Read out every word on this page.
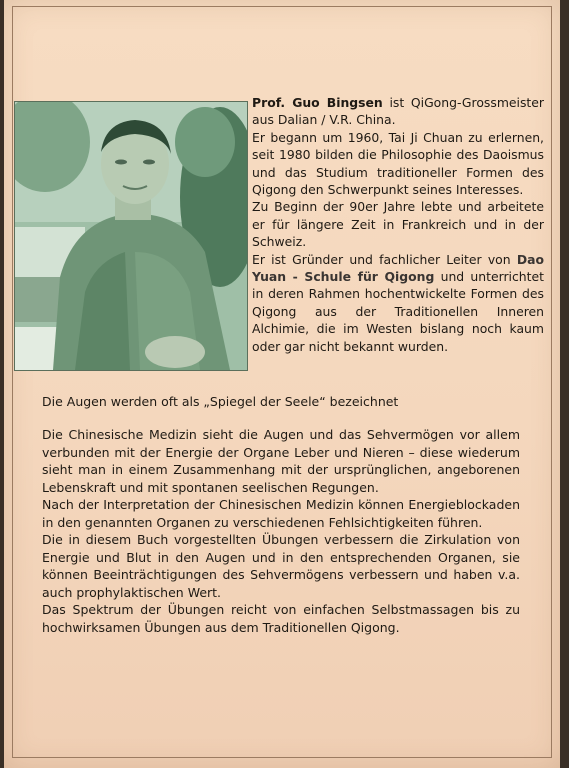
Prof. Guo Bingsen ist QiGong-Grossmeister aus Dalian / V.R. China.

Er begann um 1960, Tai Ji Chuan zu erlernen, seit 1980 bilden die Philosophie des Daoismus und das Studium traditioneller Formen des Qigong den Schwerpunkt seines Interesses.

Zu Beginn der 90er Jahre lebte und arbeitete er für längere Zeit in Frankreich und in der Schweiz.

Er ist Gründer und fachlicher Leiter von Dao Yuan - Schule für Qigong und unterrichtet in deren Rahmen hochentwickelte Formen des Qigong aus der Traditionellen Inneren Alchimie, die im Westen bislang noch kaum oder gar nicht bekannt wurden.

Die Augen werden oft als „Spiegel der Seele“ bezeichnet

Die Chinesische Medizin sieht die Augen und das Sehvermögen vor allem verbunden mit der Energie der Organe Leber und Nieren – diese wiederum sieht man in einem Zusammenhang mit der ursprünglichen, angeborenen Lebenskraft und mit spontanen seelischen Regungen.

Nach der Interpretation der Chinesischen Medizin können Energieblockaden in den genannten Organen zu verschiedenen Fehlsichtigkeiten führen.

Die in diesem Buch vorgestellten Übungen verbessern die Zirkulation von Energie und Blut in den Augen und in den entsprechenden Organen, sie können Beeinträchtigungen des Sehvermögens verbessern und haben v.a. auch prophylaktischen Wert.

Das Spektrum der Übungen reicht von einfachen Selbstmassagen bis zu hochwirksamen Übungen aus dem Traditionellen Qigong.
